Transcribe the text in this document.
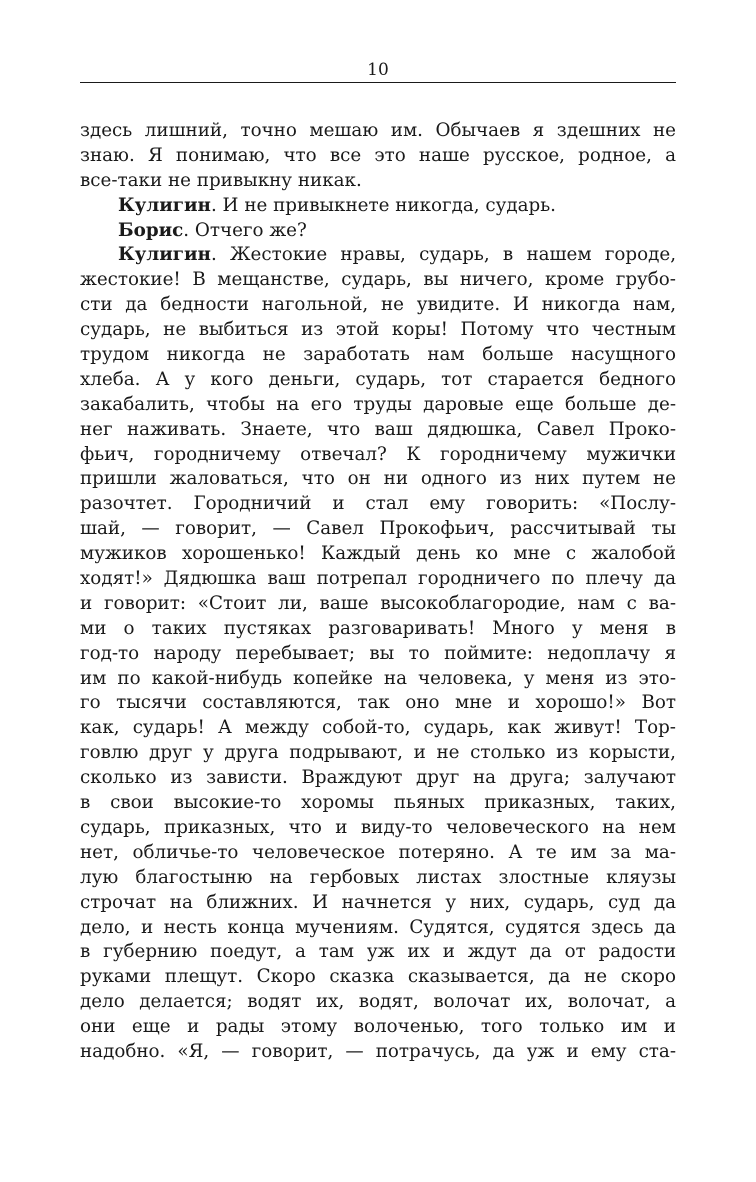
10
здесь лишний, точно мешаю им. Обычаев я здешних не
знаю. Я понимаю, что все это наше русское, родное, а
все-таки не привыкну никак.
Кулигин. И не привыкнете никогда, сударь.
Борис. Отчего же?
Кулигин. Жестокие нравы, сударь, в нашем городе,
жестокие! В мещанстве, сударь, вы ничего, кроме грубо-
сти да бедности нагольной, не увидите. И никогда нам,
сударь, не выбиться из этой коры! Потому что честным
трудом никогда не заработать нам больше насущного
хлеба. А у кого деньги, сударь, тот старается бедного
закабалить, чтобы на его труды даровые еще больше де-
нег наживать. Знаете, что ваш дядюшка, Савел Проко-
фьич, городничему отвечал? К городничему мужички
пришли жаловаться, что он ни одного из них путем не
разочтет. Городничий и стал ему говорить: «Послу-
шай, — говорит, — Савел Прокофьич, рассчитывай ты
мужиков хорошенько! Каждый день ко мне с жалобой
ходят!» Дядюшка ваш потрепал городничего по плечу да
и говорит: «Стоит ли, ваше высокоблагородие, нам с ва-
ми о таких пустяках разговаривать! Много у меня в
год-то народу перебывает; вы то поймите: недоплачу я
им по какой-нибудь копейке на человека, у меня из это-
го тысячи составляются, так оно мне и хорошо!» Вот
как, сударь! А между собой-то, сударь, как живут! Тор-
говлю друг у друга подрывают, и не столько из корысти,
сколько из зависти. Враждуют друг на друга; залучают
в свои высокие-то хоромы пьяных приказных, таких,
сударь, приказных, что и виду-то человеческого на нем
нет, обличье-то человеческое потеряно. А те им за ма-
лую благостыню на гербовых листах злостные кляузы
строчат на ближних. И начнется у них, сударь, суд да
дело, и несть конца мучениям. Судятся, судятся здесь да
в губернию поедут, а там уж их и ждут да от радости
руками плещут. Скоро сказка сказывается, да не скоро
дело делается; водят их, водят, волочат их, волочат, а
они еще и рады этому волоченью, того только им и
надобно. «Я, — говорит, — потрачусь, да уж и ему ста-
